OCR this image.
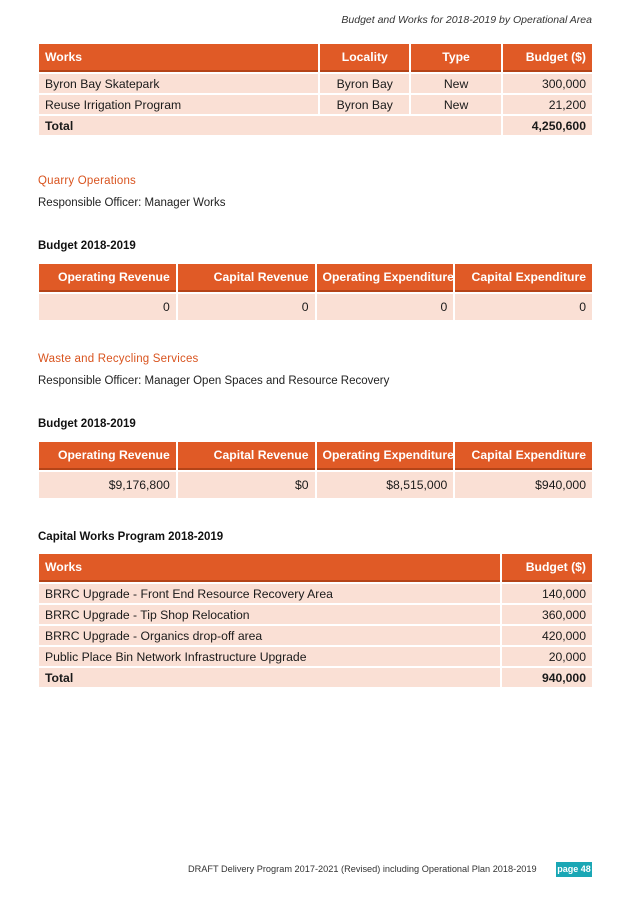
Budget and Works for 2018-2019 by Operational Area
Works	Locality	Type	Budget ($)
Byron Bay Skatepark	Byron Bay	New	300,000
Reuse Irrigation Program	Byron Bay	New	21,200
Total			4,250,600
Quarry Operations
Responsible Officer: Manager Works
Budget 2018-2019
Operating Revenue	Capital Revenue	Operating Expenditure	Capital Expenditure
0	0	0	0
Waste and Recycling Services
Responsible Officer: Manager Open Spaces and Resource Recovery
Budget 2018-2019
Operating Revenue	Capital Revenue	Operating Expenditure	Capital Expenditure
$9,176,800	$0	$8,515,000	$940,000
Capital Works Program 2018-2019
Works	Budget ($)
BRRC Upgrade - Front End Resource Recovery Area	140,000
BRRC Upgrade - Tip Shop Relocation	360,000
BRRC Upgrade - Organics drop-off area	420,000
Public Place Bin Network Infrastructure Upgrade	20,000
Total	940,000
DRAFT Delivery Program 2017-2021 (Revised) including Operational Plan 2018-2019 page 48
